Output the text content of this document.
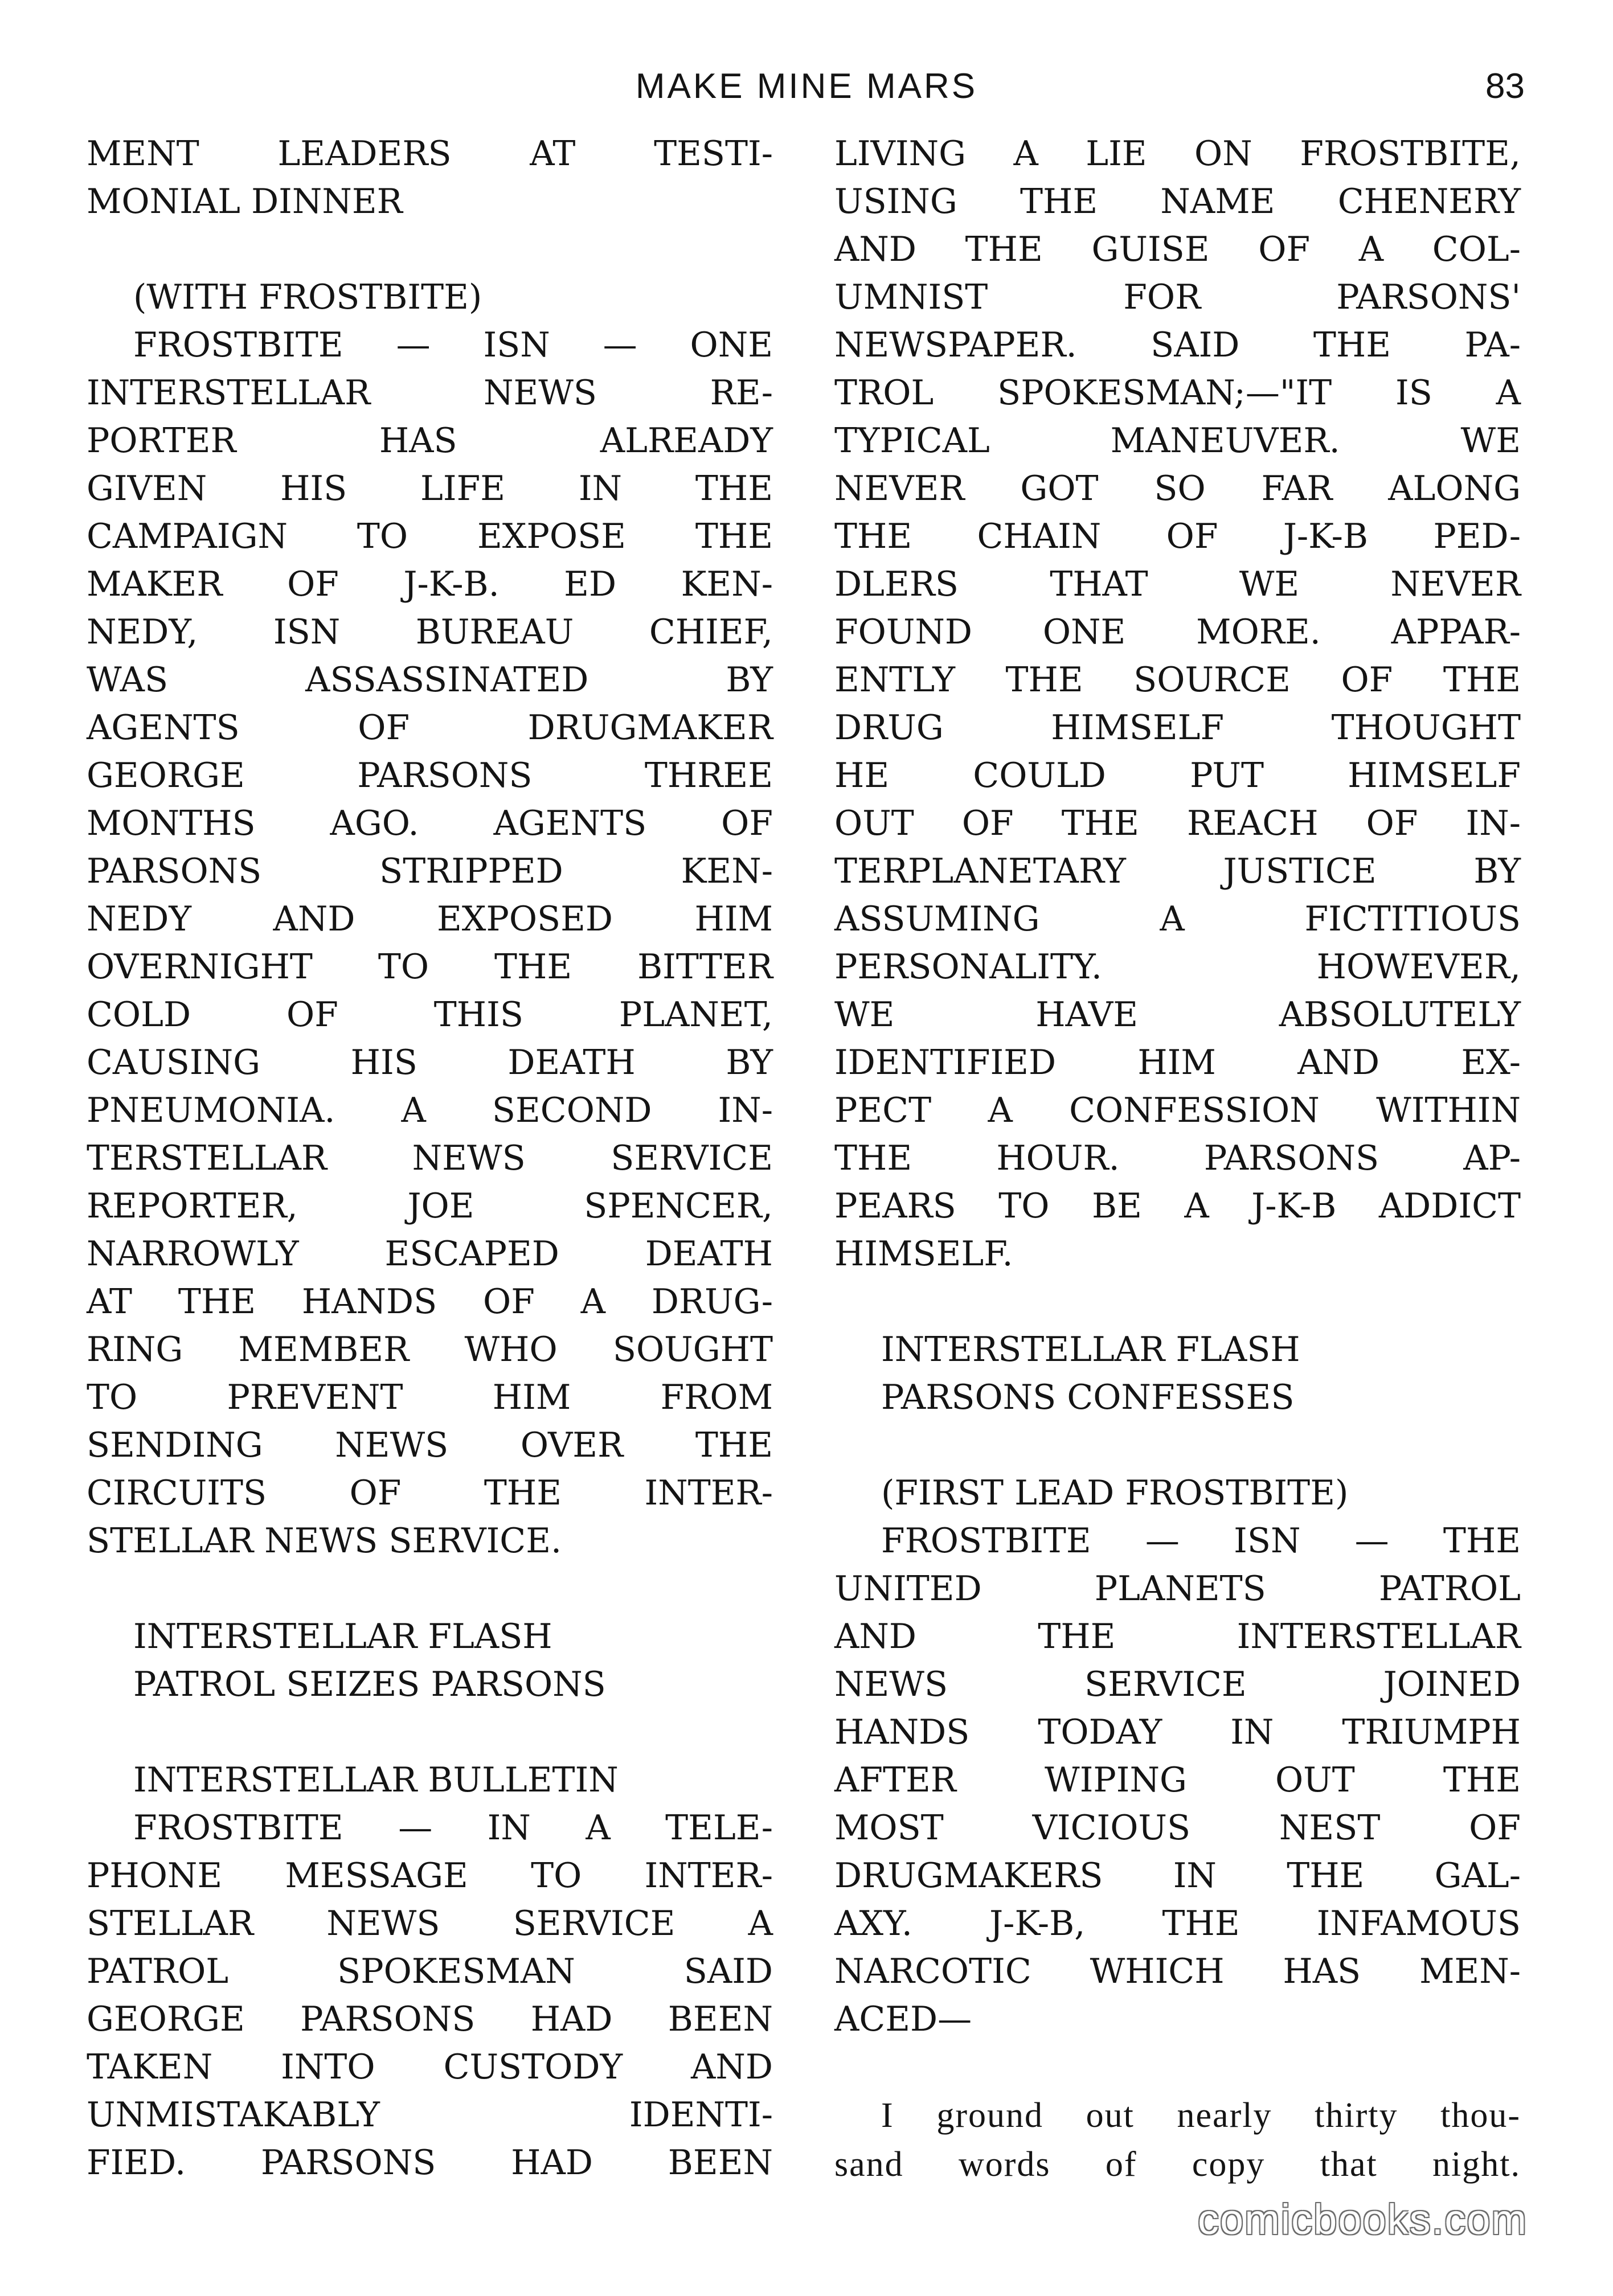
MAKE MINE MARS	83
MENT LEADERS AT TESTI-
MONIAL DINNER
(WITH FROSTBITE)
FROSTBITE — ISN — ONE
INTERSTELLAR NEWS RE-
PORTER HAS ALREADY
GIVEN HIS LIFE IN THE
CAMPAIGN TO EXPOSE THE
MAKER OF J-K-B. ED KEN-
NEDY, ISN BUREAU CHIEF,
WAS ASSASSINATED BY
AGENTS OF DRUGMAKER
GEORGE PARSONS THREE
MONTHS AGO. AGENTS OF
PARSONS STRIPPED KEN-
NEDY AND EXPOSED HIM
OVERNIGHT TO THE BITTER
COLD OF THIS PLANET,
CAUSING HIS DEATH BY
PNEUMONIA. A SECOND IN-
TERSTELLAR NEWS SERVICE
REPORTER, JOE SPENCER,
NARROWLY ESCAPED DEATH
AT THE HANDS OF A DRUG-
RING MEMBER WHO SOUGHT
TO PREVENT HIM FROM
SENDING NEWS OVER THE
CIRCUITS OF THE INTER-
STELLAR NEWS SERVICE.
INTERSTELLAR FLASH
PATROL SEIZES PARSONS
INTERSTELLAR BULLETIN
FROSTBITE — IN A TELE-
PHONE MESSAGE TO INTER-
STELLAR NEWS SERVICE A
PATROL SPOKESMAN SAID
GEORGE PARSONS HAD BEEN
TAKEN INTO CUSTODY AND
UNMISTAKABLY IDENTI-
FIED. PARSONS HAD BEEN
LIVING A LIE ON FROSTBITE,
USING THE NAME CHENERY
AND THE GUISE OF A COL-
UMNIST FOR PARSONS'
NEWSPAPER. SAID THE PA-
TROL SPOKESMAN;—"IT IS A
TYPICAL MANEUVER. WE
NEVER GOT SO FAR ALONG
THE CHAIN OF J-K-B PED-
DLERS THAT WE NEVER
FOUND ONE MORE. APPAR-
ENTLY THE SOURCE OF THE
DRUG HIMSELF THOUGHT
HE COULD PUT HIMSELF
OUT OF THE REACH OF IN-
TERPLANETARY JUSTICE BY
ASSUMING A FICTITIOUS
PERSONALITY. HOWEVER,
WE HAVE ABSOLUTELY
IDENTIFIED HIM AND EX-
PECT A CONFESSION WITHIN
THE HOUR. PARSONS AP-
PEARS TO BE A J-K-B ADDICT
HIMSELF.
INTERSTELLAR FLASH
PARSONS CONFESSES
(FIRST LEAD FROSTBITE)
FROSTBITE — ISN — THE
UNITED PLANETS PATROL
AND THE INTERSTELLAR
NEWS SERVICE JOINED
HANDS TODAY IN TRIUMPH
AFTER WIPING OUT THE
MOST VICIOUS NEST OF
DRUGMAKERS IN THE GAL-
AXY. J-K-B, THE INFAMOUS
NARCOTIC WHICH HAS MEN-
ACED—
I ground out nearly thirty thou-
sand words of copy that night.
comicbooks.com
